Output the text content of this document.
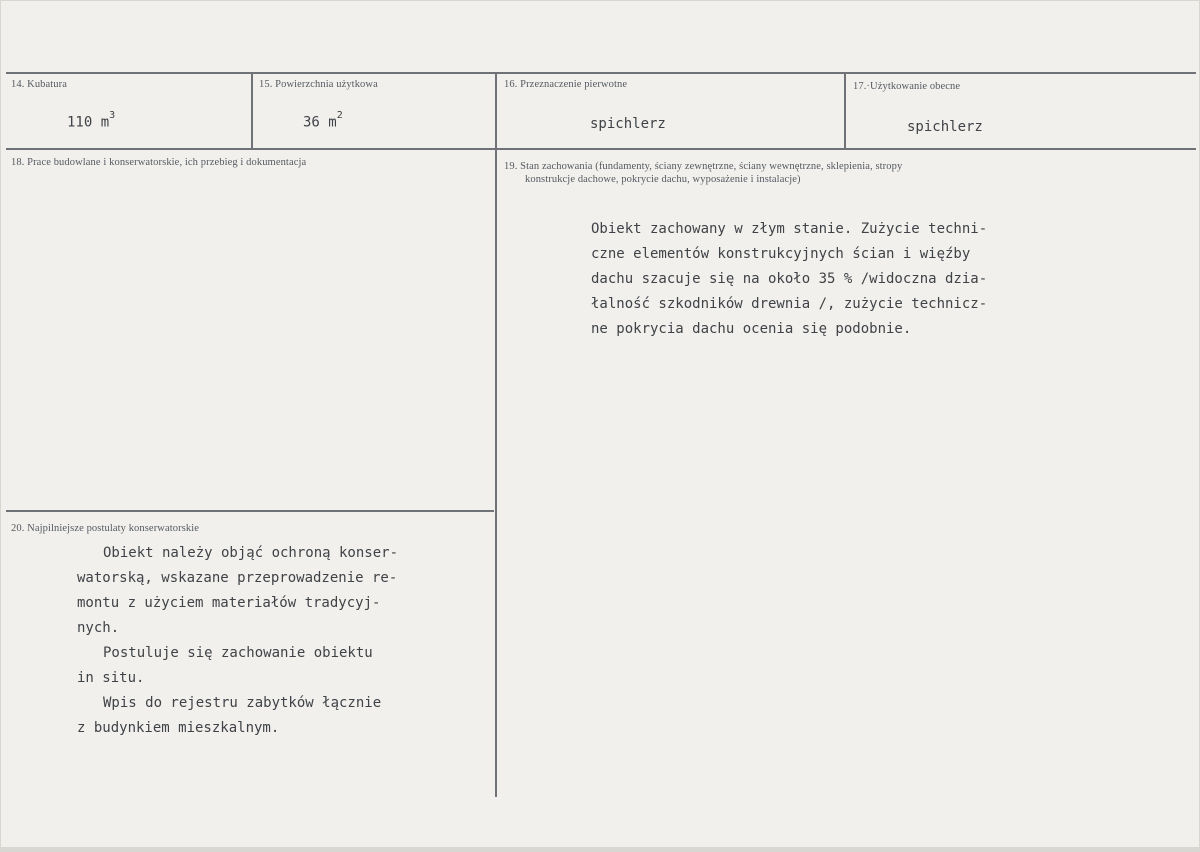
14. Kubatura
110 $m^3$
15. Powierzchnia użytkowa
36 $m^2$
16. Przeznaczenie pierwotne
spichlerz
17.·Użytkowanie obecne
spichlerz
18. Prace budowlane i konserwatorskie, ich przebieg i dokumentacja	19. Stan zachowania (fundamenty, ściany zewnętrzne, ściany wewnętrzne, sklepienia, stropy
konstrukcje dachowe, pokrycie dachu, wyposażenie i instalacje)
Obiekt zachowany w złym stanie. Zużycie techni-
czne elementów konstrukcyjnych ścian i więźby
dachu szacuje się na około 35 % /widoczna dzia-
łalność szkodników drewnia /, zużycie technicz-
ne pokrycia dachu ocenia się podobnie.
20. Najpilniejsze postulaty konserwatorskie
Obiekt należy objąć ochroną konser-
watorską, wskazane przeprowadzenie re-
montu z użyciem materiałów tradycyj-
nych.
Postuluje się zachowanie obiektu
in situ.
Wpis do rejestru zabytków łącznie
z budynkiem mieszkalnym.
